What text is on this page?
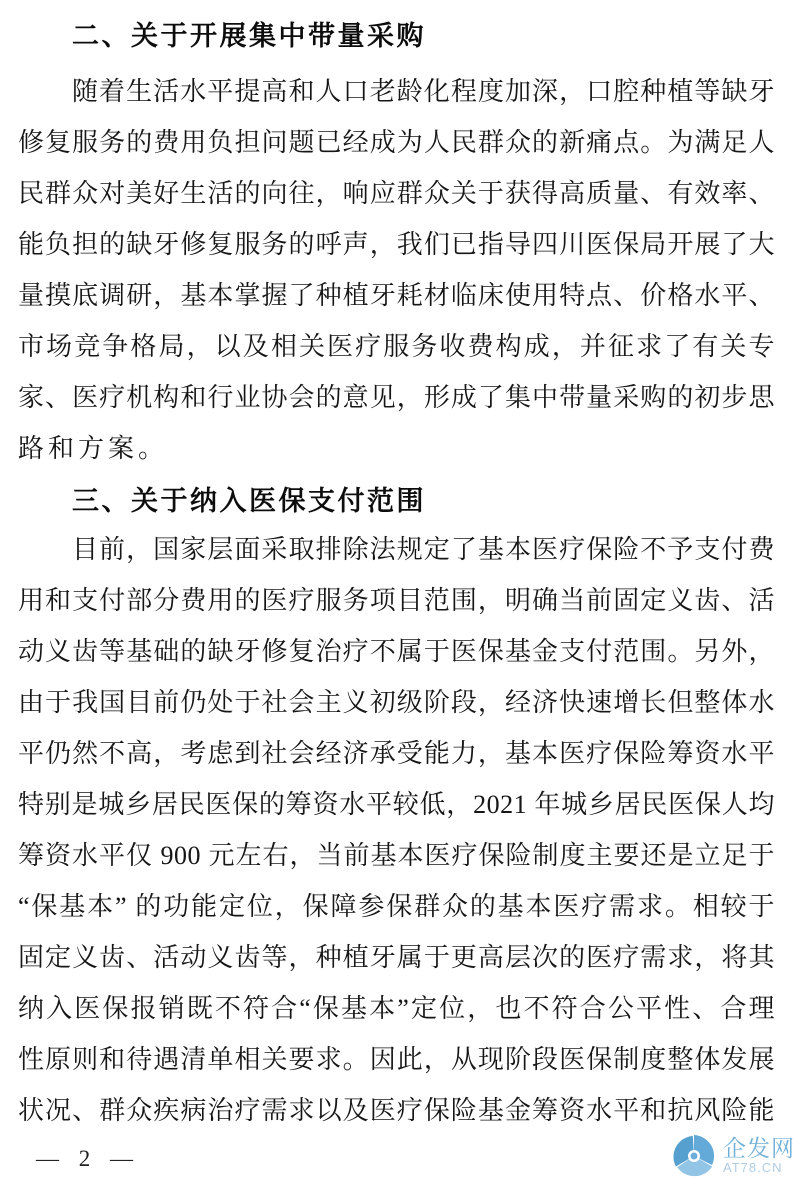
二、关于开展集中带量采购
随着生活水平提高和人口老龄化程度加深，口腔种植等缺牙
修复服务的费用负担问题已经成为人民群众的新痛点。为满足人
民群众对美好生活的向往，响应群众关于获得高质量、有效率、
能负担的缺牙修复服务的呼声，我们已指导四川医保局开展了大
量摸底调研，基本掌握了种植牙耗材临床使用特点、价格水平、
市场竞争格局，以及相关医疗服务收费构成，并征求了有关专
家、医疗机构和行业协会的意见，形成了集中带量采购的初步思
路和方案。
三、关于纳入医保支付范围
目前，国家层面采取排除法规定了基本医疗保险不予支付费
用和支付部分费用的医疗服务项目范围，明确当前固定义齿、活
动义齿等基础的缺牙修复治疗不属于医保基金支付范围。另外，
由于我国目前仍处于社会主义初级阶段，经济快速增长但整体水
平仍然不高，考虑到社会经济承受能力，基本医疗保险筹资水平
特别是城乡居民医保的筹资水平较低，2021 年城乡居民医保人均
筹资水平仅 900 元左右，当前基本医疗保险制度主要还是立足于
“保基本” 的功能定位，保障参保群众的基本医疗需求。相较于
固定义齿、活动义齿等，种植牙属于更高层次的医疗需求，将其
纳入医保报销既不符合“保基本”定位，也不符合公平性、合理
性原则和待遇清单相关要求。因此，从现阶段医保制度整体发展
状况、群众疾病治疗需求以及医疗保险基金筹资水平和抗风险能
— 2 —	企发网
AT78.CN
